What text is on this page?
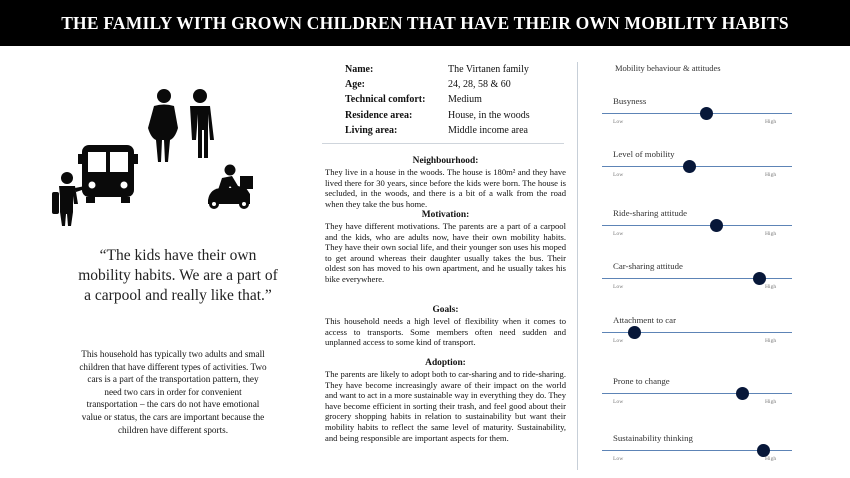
THE FAMILY WITH GROWN CHILDREN THAT HAVE THEIR OWN MOBILITY HABITS
“The kids have their own mobility habits. We are a part of a carpool and really like that.”
This household has typically two adults and small children that have different types of activities. Two cars is a part of the transportation pattern, they need two cars in order for convenient transportation – the cars do not have emotional value or status, the cars are important because the children have different sports.
Name:	The Virtanen family
Age:	24, 28, 58 & 60
Technical comfort:	Medium
Residence area:	House, in the woods
Living area:	Middle income area
Neighbourhood:
They live in a house in the woods. The house is 180m² and they have lived there for 30 years, since before the kids were born. The house is secluded, in the woods, and there is a bit of a walk from the road when they take the bus home.
Motivation:
They have different motivations. The parents are a part of a carpool and the kids, who are adults now, have their own mobility habits. They have their own social life, and their younger son uses his moped to get around whereas their daughter usually takes the bus. Their oldest son has moved to his own apartment, and he usually takes his bike everywhere.
Goals:
This household needs a high level of flexibility when it comes to access to transports. Some members often need sudden and unplanned access to some kind of transport.
Adoption:
The parents are likely to adopt both to car-sharing and to ride-sharing. They have become increasingly aware of their impact on the world and want to act in a more sustainable way in everything they do. They have become efficient in sorting their trash, and feel good about their grocery shopping habits in relation to sustainability but want their mobility habits to reflect the same level of maturity. Sustainability, and being responsible are important aspects for them.
Mobility behaviour & attitudes
Busyness
Low	High
Level of mobility
Low	High
Ride-sharing attitude
Low	High
Car-sharing attitude
Low	High
Attachment to car
Low	High
Prone to change
Low	High
Sustainability thinking
Low	High
